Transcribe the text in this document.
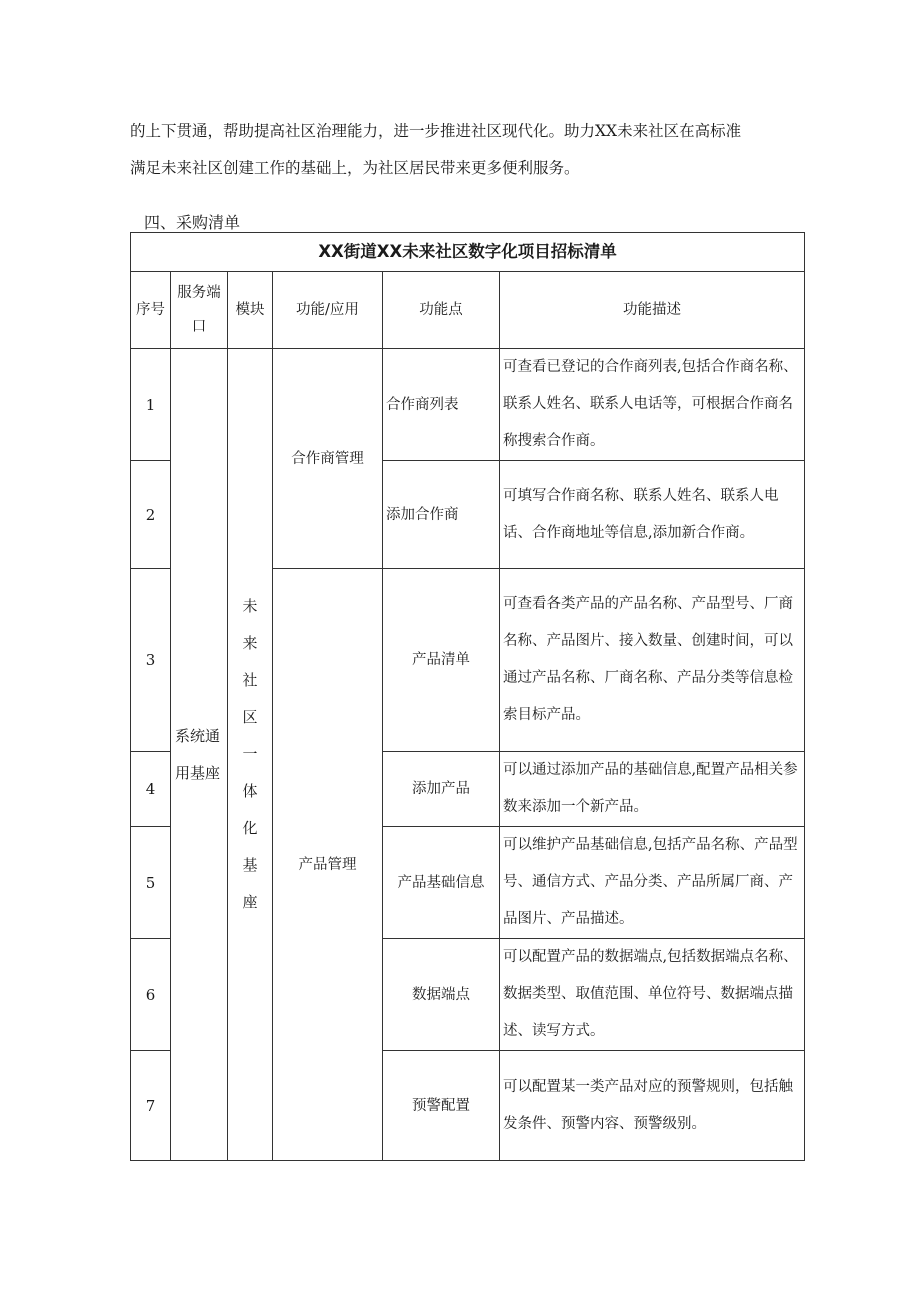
的上下贯通，帮助提高社区治理能力，进一步推进社区现代化。助力XX未来社区在高标准
满足未来社区创建工作的基础上，为社区居民带来更多便利服务。
四、采购清单
XX街道XX未来社区数字化项目招标清单					
序号	服务端口	模块	功能/应用	功能点	功能描述
1	系统通用基座	未来社区一体化基座	合作商管理	合作商列表	可查看已登记的合作商列表,包括合作商名称、联系人姓名、联系人电话等，可根据合作商名称搜索合作商。
2				添加合作商	可填写合作商名称、联系人姓名、联系人电话、合作商地址等信息,添加新合作商。
3			产品管理	产品清单	可查看各类产品的产品名称、产品型号、厂商名称、产品图片、接入数量、创建时间，可以通过产品名称、厂商名称、产品分类等信息检索目标产品。
4				添加产品	可以通过添加产品的基础信息,配置产品相关参数来添加一个新产品。
5				产品基础信息	可以维护产品基础信息,包括产品名称、产品型号、通信方式、产品分类、产品所属厂商、产品图片、产品描述。
6				数据端点	可以配置产品的数据端点,包括数据端点名称、数据类型、取值范围、单位符号、数据端点描述、读写方式。
7				预警配置	可以配置某一类产品对应的预警规则，包括触发条件、预警内容、预警级别。
